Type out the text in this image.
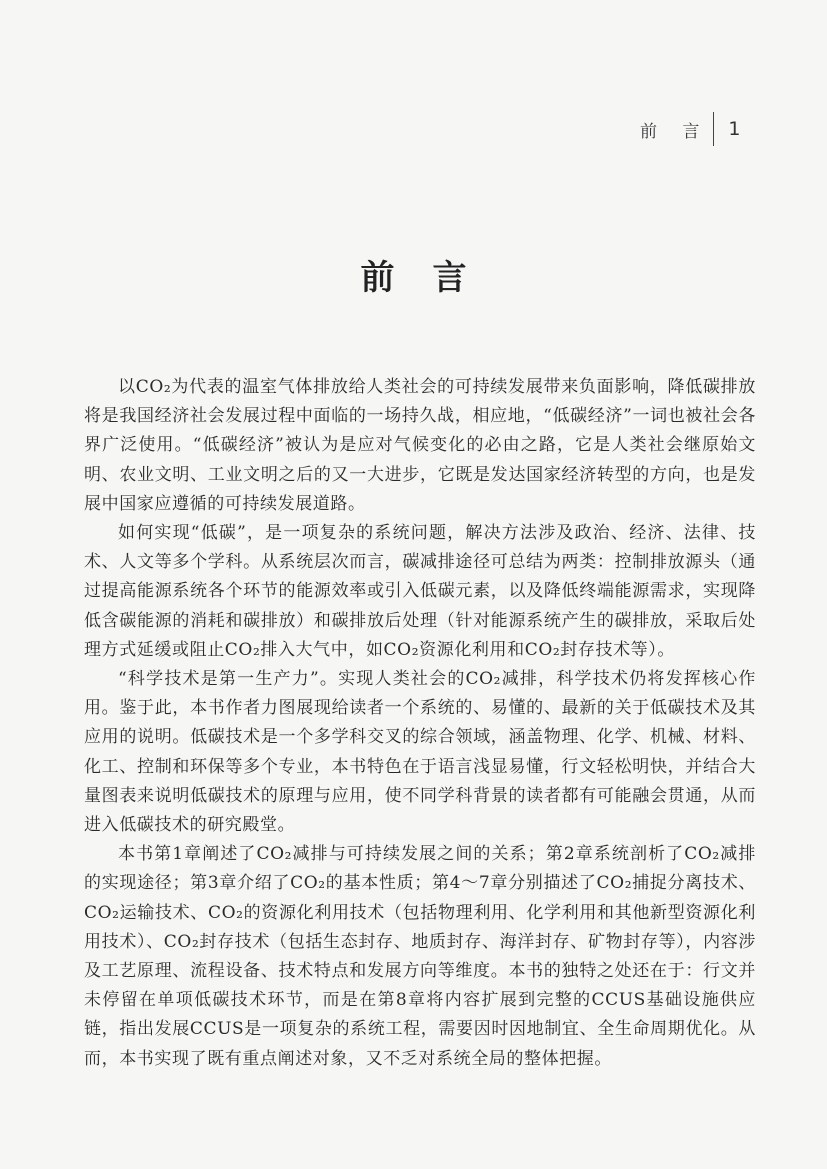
前 言 1
前言

以CO₂为代表的温室气体排放给人类社会的可持续发展带来负面影响，降低碳排放将是我国经济社会发展过程中面临的一场持久战，相应地，“低碳经济”一词也被社会各界广泛使用。“低碳经济”被认为是应对气候变化的必由之路，它是人类社会继原始文明、农业文明、工业文明之后的又一大进步，它既是发达国家经济转型的方向，也是发展中国家应遵循的可持续发展道路。

如何实现“低碳”，是一项复杂的系统问题，解决方法涉及政治、经济、法律、技术、人文等多个学科。从系统层次而言，碳减排途径可总结为两类：控制排放源头（通过提高能源系统各个环节的能源效率或引入低碳元素，以及降低终端能源需求，实现降低含碳能源的消耗和碳排放）和碳排放后处理（针对能源系统产生的碳排放，采取后处理方式延缓或阻止CO₂排入大气中，如CO₂资源化利用和CO₂封存技术等）。

“科学技术是第一生产力”。实现人类社会的CO₂减排，科学技术仍将发挥核心作用。鉴于此，本书作者力图展现给读者一个系统的、易懂的、最新的关于低碳技术及其应用的说明。低碳技术是一个多学科交叉的综合领域，涵盖物理、化学、机械、材料、化工、控制和环保等多个专业，本书特色在于语言浅显易懂，行文轻松明快，并结合大量图表来说明低碳技术的原理与应用，使不同学科背景的读者都有可能融会贯通，从而进入低碳技术的研究殿堂。

本书第1章阐述了CO₂减排与可持续发展之间的关系；第2章系统剖析了CO₂减排的实现途径；第3章介绍了CO₂的基本性质；第4～7章分别描述了CO₂捕捉分离技术、CO₂运输技术、CO₂的资源化利用技术（包括物理利用、化学利用和其他新型资源化利用技术）、CO₂封存技术（包括生态封存、地质封存、海洋封存、矿物封存等），内容涉及工艺原理、流程设备、技术特点和发展方向等维度。本书的独特之处还在于：行文并未停留在单项低碳技术环节，而是在第8章将内容扩展到完整的CCUS基础设施供应链，指出发展CCUS是一项复杂的系统工程，需要因时因地制宜、全生命周期优化。从而，本书实现了既有重点阐述对象，又不乏对系统全局的整体把握。
